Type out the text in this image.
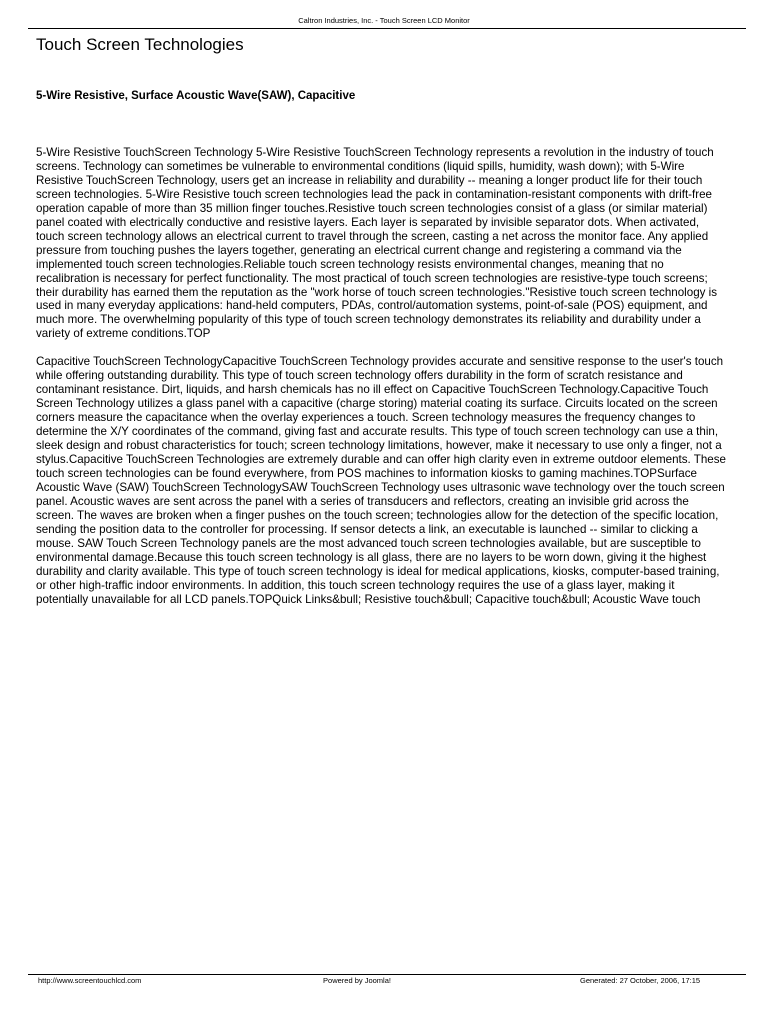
Caltron Industries, Inc. - Touch Screen LCD Monitor
Touch Screen Technologies
5-Wire Resistive, Surface Acoustic Wave(SAW), Capacitive

5-Wire Resistive TouchScreen Technology 5-Wire Resistive TouchScreen Technology represents a revolution in the industry of touch screens. Technology can sometimes be vulnerable to environmental conditions (liquid spills, humidity, wash down); with 5-Wire Resistive TouchScreen Technology, users get an increase in reliability and durability -- meaning a longer product life for their touch screen technologies. 5-Wire Resistive touch screen technologies lead the pack in contamination-resistant components with drift-free operation capable of more than 35 million finger touches.Resistive touch screen technologies consist of a glass (or similar material) panel coated with electrically conductive and resistive layers. Each layer is separated by invisible separator dots. When activated, touch screen technology allows an electrical current to travel through the screen, casting a net across the monitor face. Any applied pressure from touching pushes the layers together, generating an electrical current change and registering a command via the implemented touch screen technologies.Reliable touch screen technology resists environmental changes, meaning that no recalibration is necessary for perfect functionality. The most practical of touch screen technologies are resistive-type touch screens; their durability has earned them the reputation as the "work horse of touch screen technologies."Resistive touch screen technology is used in many everyday applications: hand-held computers, PDAs, control/automation systems, point-of-sale (POS) equipment, and much more. The overwhelming popularity of this type of touch screen technology demonstrates its reliability and durability under a variety of extreme conditions.TOP

Capacitive TouchScreen TechnologyCapacitive TouchScreen Technology provides accurate and sensitive response to the user's touch while offering outstanding durability. This type of touch screen technology offers durability in the form of scratch resistance and contaminant resistance. Dirt, liquids, and harsh chemicals has no ill effect on Capacitive TouchScreen Technology.Capacitive Touch Screen Technology utilizes a glass panel with a capacitive (charge storing) material coating its surface. Circuits located on the screen corners measure the capacitance when the overlay experiences a touch. Screen technology measures the frequency changes to determine the X/Y coordinates of the command, giving fast and accurate results. This type of touch screen technology can use a thin, sleek design and robust characteristics for touch; screen technology limitations, however, make it necessary to use only a finger, not a stylus.Capacitive TouchScreen Technologies are extremely durable and can offer high clarity even in extreme outdoor elements. These touch screen technologies can be found everywhere, from POS machines to information kiosks to gaming machines.TOPSurface Acoustic Wave (SAW) TouchScreen TechnologySAW TouchScreen Technology uses ultrasonic wave technology over the touch screen panel. Acoustic waves are sent across the panel with a series of transducers and reflectors, creating an invisible grid across the screen. The waves are broken when a finger pushes on the touch screen; technologies allow for the detection of the specific location, sending the position data to the controller for processing. If sensor detects a link, an executable is launched -- similar to clicking a mouse. SAW Touch Screen Technology panels are the most advanced touch screen technologies available, but are susceptible to environmental damage.Because this touch screen technology is all glass, there are no layers to be worn down, giving it the highest durability and clarity available. This type of touch screen technology is ideal for medical applications, kiosks, computer-based training, or other high-traffic indoor environments. In addition, this touch screen technology requires the use of a glass layer, making it potentially unavailable for all LCD panels.TOPQuick Links&bull; Resistive touch&bull; Capacitive touch&bull; Acoustic Wave touch

http://www.screentouchlcd.com	Powered by Joomla!	Generated: 27 October, 2006, 17:15
